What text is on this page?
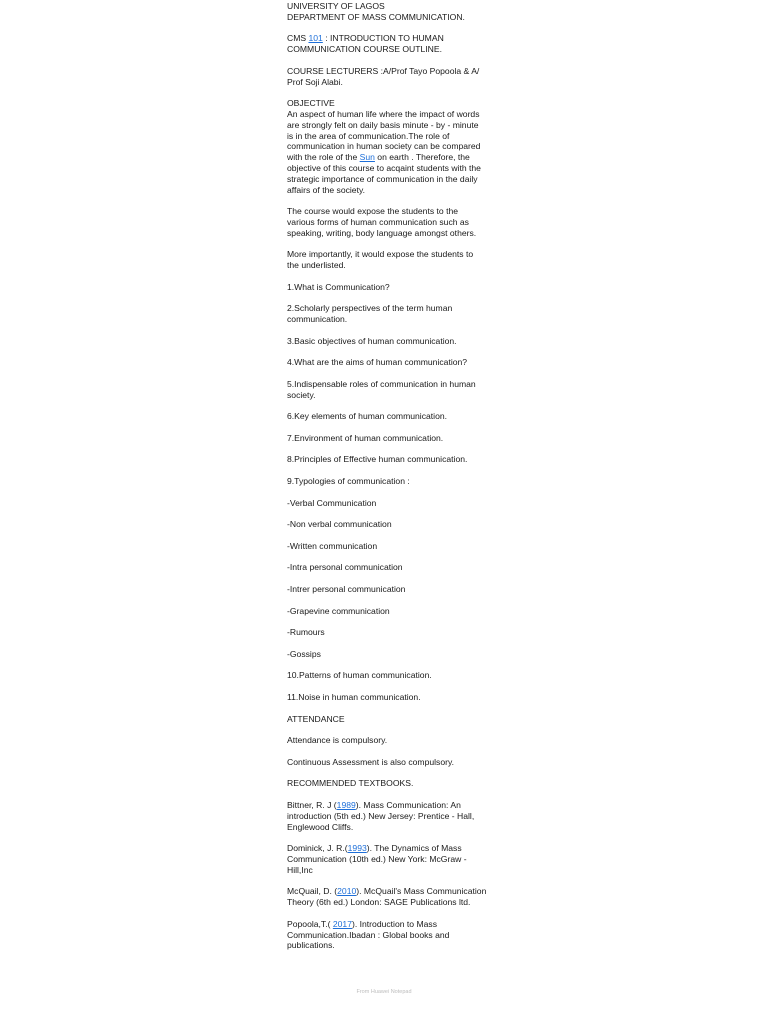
UNIVERSITY OF LAGOS
DEPARTMENT OF MASS COMMUNICATION.

CMS 101 : INTRODUCTION TO HUMAN COMMUNICATION COURSE OUTLINE.

COURSE LECTURERS :A/Prof Tayo Popoola & A/ Prof Soji Alabi.

OBJECTIVE
An aspect of human life where the impact of words are strongly felt on daily basis minute - by - minute is in the area of communication.The role of communication in human society can be compared with the role of the Sun on earth . Therefore, the objective of this course to acqaint students with the strategic importance of communication in the daily affairs of the society.

The course would expose the students to the various forms of human communication such as speaking, writing, body language amongst others.

More importantly, it would expose the students to the underlisted.

1.What is Communication?

2.Scholarly perspectives of the term human communication.

3.Basic objectives of human communication.

4.What are the aims of human communication?

5.Indispensable roles of communication in human society.

6.Key elements of human communication.

7.Environment of human communication.

8.Principles of Effective human communication.

9.Typologies of communication :

-Verbal Communication

-Non verbal communication

-Written communication

-Intra personal communication

-Intrer personal communication

-Grapevine communication

-Rumours

-Gossips

10.Patterns of human communication.

11.Noise in human communication.

ATTENDANCE

Attendance is compulsory.

Continuous Assessment is also compulsory.

RECOMMENDED TEXTBOOKS.

Bittner, R. J (1989). Mass Communication: An introduction (5th ed.) New Jersey: Prentice - Hall, Englewood Cliffs.

Dominick, J. R.(1993). The Dynamics of Mass Communication (10th ed.) New York: McGraw - Hill,Inc

McQuail, D. (2010). McQuail's Mass Communication Theory (6th ed.) London: SAGE Publications ltd.

Popoola,T.( 2017). Introduction to Mass Communication.Ibadan : Global books and publications.

From Huawei Notepad
